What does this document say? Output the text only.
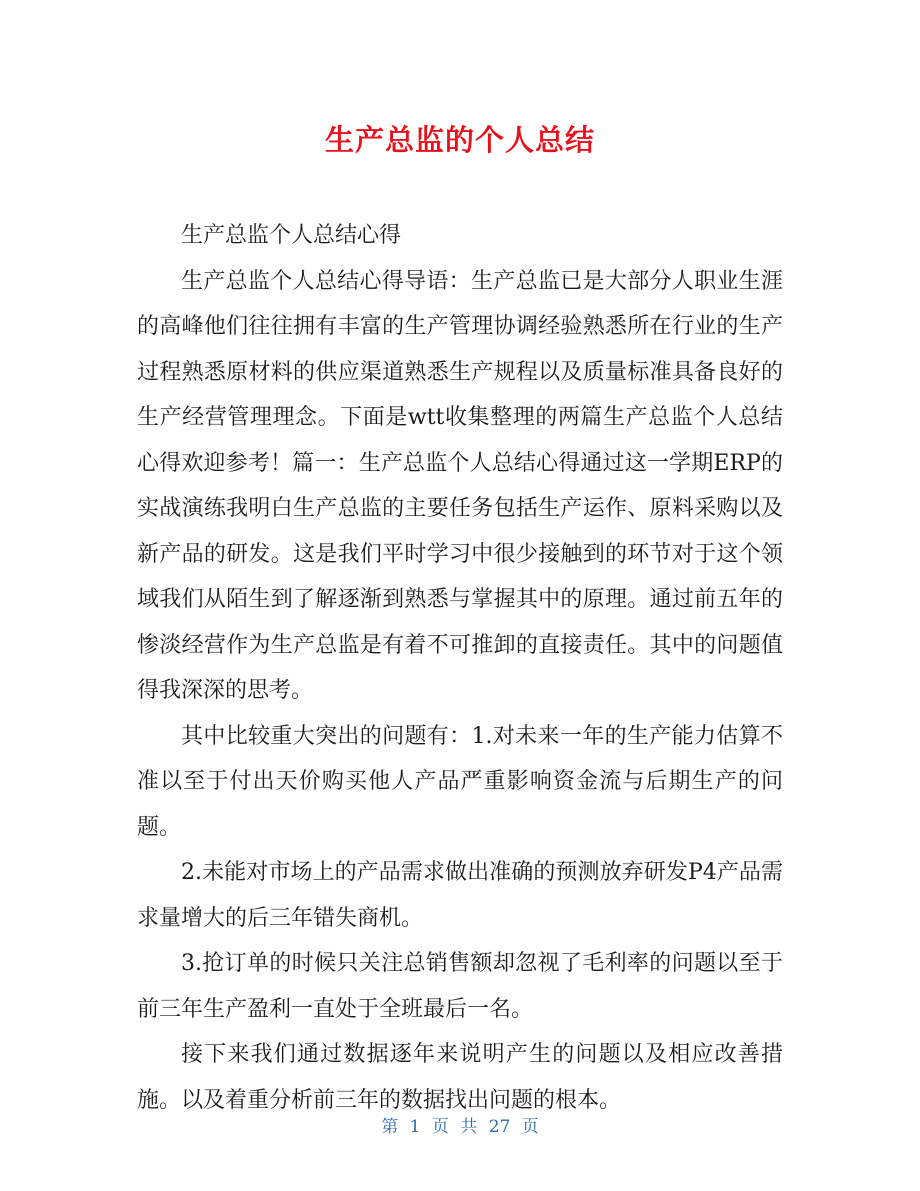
生产总监的个人总结

生产总监个人总结心得

生产总监个人总结心得导语：生产总监已是大部分人职业生涯的高峰他们往往拥有丰富的生产管理协调经验熟悉所在行业的生产过程熟悉原材料的供应渠道熟悉生产规程以及质量标准具备良好的生产经营管理理念。下面是wtt收集整理的两篇生产总监个人总结心得欢迎参考！篇一：生产总监个人总结心得通过这一学期ERP的实战演练我明白生产总监的主要任务包括生产运作、原料采购以及新产品的研发。这是我们平时学习中很少接触到的环节对于这个领域我们从陌生到了解逐渐到熟悉与掌握其中的原理。通过前五年的惨淡经营作为生产总监是有着不可推卸的直接责任。其中的问题值得我深深的思考。

其中比较重大突出的问题有：1.对未来一年的生产能力估算不准以至于付出天价购买他人产品严重影响资金流与后期生产的问题。

2.未能对市场上的产品需求做出准确的预测放弃研发P4产品需求量增大的后三年错失商机。

3.抢订单的时候只关注总销售额却忽视了毛利率的问题以至于前三年生产盈利一直处于全班最后一名。

接下来我们通过数据逐年来说明产生的问题以及相应改善措施。以及着重分析前三年的数据找出问题的根本。

第 1 页 共 27 页
